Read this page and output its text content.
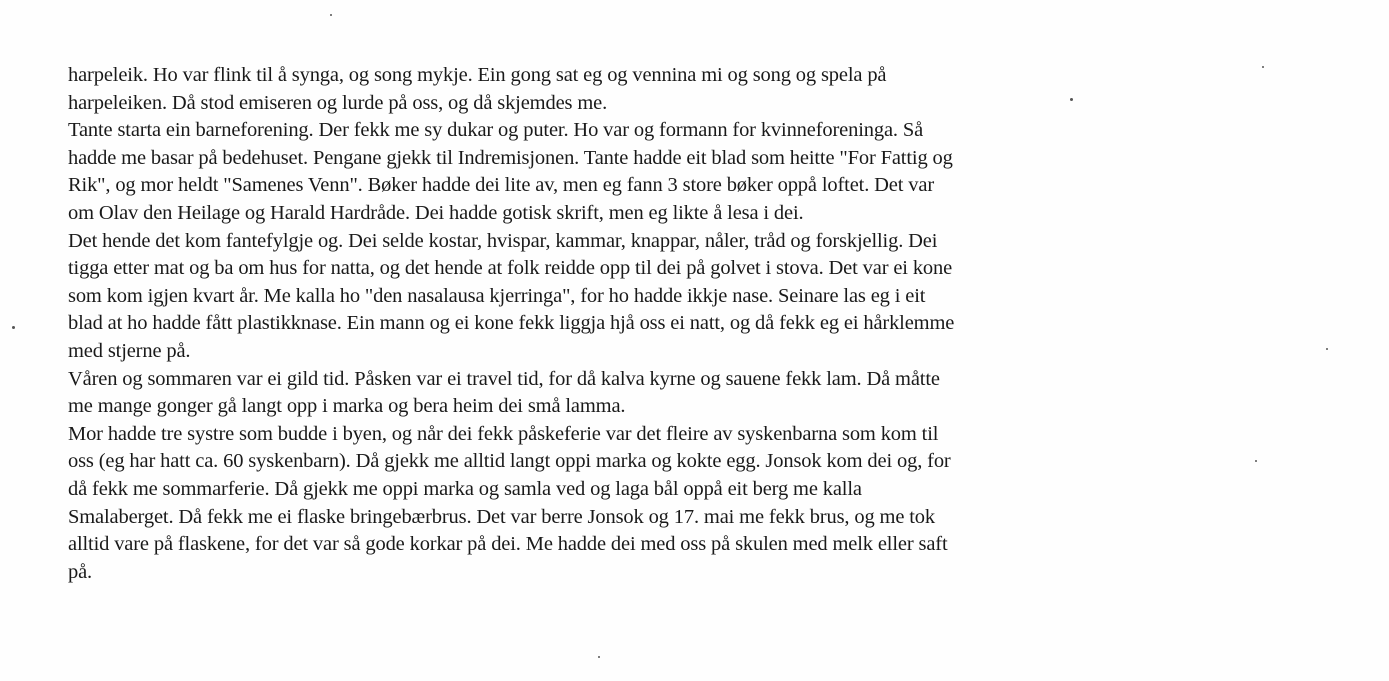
harpeleik. Ho var flink til å synga, og song mykje. Ein gong sat eg og vennina mi og song og spela på
harpeleiken. Då stod emiseren og lurde på oss, og då skjemdes me.
Tante starta ein barneforening. Der fekk me sy dukar og puter. Ho var og formann for kvinneforeninga. Så
hadde me basar på bedehuset. Pengane gjekk til Indremisjonen. Tante hadde eit blad som heitte "For Fattig og
Rik", og mor heldt "Samenes Venn". Bøker hadde dei lite av, men eg fann 3 store bøker oppå loftet. Det var
om Olav den Heilage og Harald Hardråde. Dei hadde gotisk skrift, men eg likte å lesa i dei.
Det hende det kom fantefylgje og. Dei selde kostar, hvispar, kammar, knappar, nåler, tråd og forskjellig. Dei
tigga etter mat og ba om hus for natta, og det hende at folk reidde opp til dei på golvet i stova. Det var ei kone
som kom igjen kvart år. Me kalla ho "den nasalausa kjerringa", for ho hadde ikkje nase. Seinare las eg i eit
blad at ho hadde fått plastikknase. Ein mann og ei kone fekk liggja hjå oss ei natt, og då fekk eg ei hårklemme
med stjerne på.
Våren og sommaren var ei gild tid. Påsken var ei travel tid, for då kalva kyrne og sauene fekk lam. Då måtte
me mange gonger gå langt opp i marka og bera heim dei små lamma.
Mor hadde tre systre som budde i byen, og når dei fekk påskeferie var det fleire av syskenbarna som kom til
oss (eg har hatt ca. 60 syskenbarn). Då gjekk me alltid langt oppi marka og kokte egg. Jonsok kom dei og, for
då fekk me sommarferie. Då gjekk me oppi marka og samla ved og laga bål oppå eit berg me kalla
Smalaberget. Då fekk me ei flaske bringebærbrus. Det var berre Jonsok og 17. mai me fekk brus, og me tok
alltid vare på flaskene, for det var så gode korkar på dei. Me hadde dei med oss på skulen med melk eller saft
på.
